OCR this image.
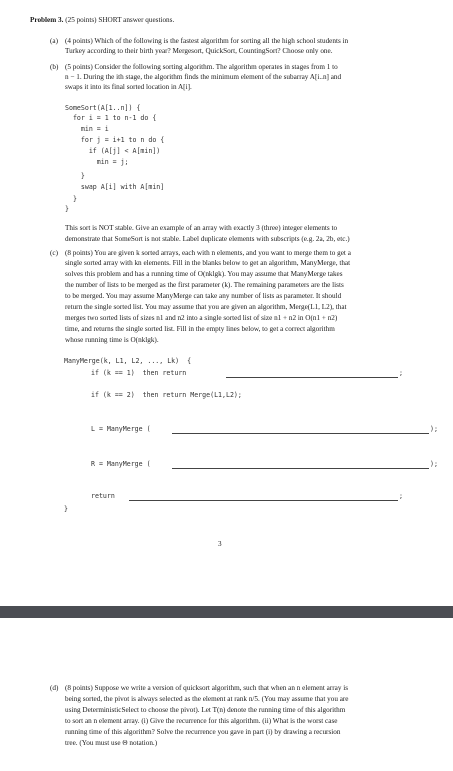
Problem 3. (25 points) SHORT answer questions.
(a) (4 points) Which of the following is the fastest algorithm for sorting all the high school students in
Turkey according to their birth year? Mergesort, QuickSort, CountingSort? Choose only one.
(b) (5 points) Consider the following sorting algorithm. The algorithm operates in stages from 1 to
n − 1. During the ith stage, the algorithm finds the minimum element of the subarray A[i..n] and
swaps it into its final sorted location in A[i].
SomeSort(A[1..n]) {
for i = 1 to n-1 do {
min = i
for j = i+1 to n do {
if (A[j] < A[min])
min = j;
}
swap A[i] with A[min]
}
}
This sort is NOT stable. Give an example of an array with exactly 3 (three) integer elements to
demonstrate that SomeSort is not stable. Label duplicate elements with subscripts (e.g. 2a, 2b, etc.)
(c) (8 points) You are given k sorted arrays, each with n elements, and you want to merge them to get a
single sorted array with kn elements. Fill in the blanks below to get an algorithm, ManyMerge, that
solves this problem and has a running time of O(nklgk). You may assume that ManyMerge takes
the number of lists to be merged as the first parameter (k). The remaining parameters are the lists
to be merged. You may assume ManyMerge can take any number of lists as parameter. It should
return the single sorted list. You may assume that you are given an algorithm, Merge(L1, L2), that
merges two sorted lists of sizes n1 and n2 into a single sorted list of size n1 + n2 in O(n1 + n2)
time, and returns the single sorted list. Fill in the empty lines below, to get a correct algorithm
whose running time is O(nklgk).
ManyMerge(k, L1, L2, ..., Lk)  {
if (k == 1)  then return	;
if (k == 2)  then return Merge(L1,L2);
L = ManyMerge (	);
R = ManyMerge (	);
return	;
}
3
(d) (8 points) Suppose we write a version of quicksort algorithm, such that when an n element array is
being sorted, the pivot is always selected as the element at rank n/5. (You may assume that you are
using DeterministicSelect to choose the pivot). Let T(n) denote the running time of this algorithm
to sort an n element array. (i) Give the recurrence for this algorithm. (ii) What is the worst case
running time of this algorithm? Solve the recurrence you gave in part (i) by drawing a recursion
tree. (You must use Θ notation.)
